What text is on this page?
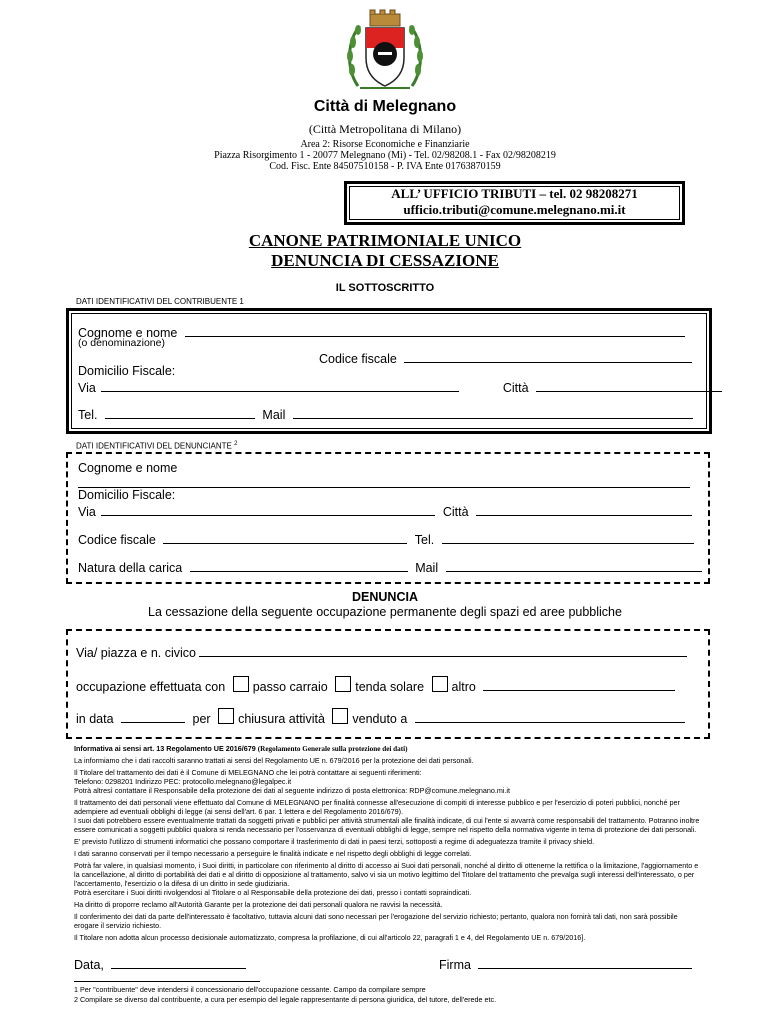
Città di Melegnano
(Città Metropolitana di Milano)
Area 2: Risorse Economiche e Finanziarie
Piazza Risorgimento 1 - 20077 Melegnano (Mi) - Tel. 02/98208.1 - Fax 02/98208219
Cod. Fisc. Ente 84507510158 - P. IVA Ente 01763870159
ALL’ UFFICIO TRIBUTI – tel. 02 98208271
ufficio.tributi@comune.melegnano.mi.it
CANONE PATRIMONIALE UNICO
DENUNCIA DI CESSAZIONE
IL SOTTOSCRITTO
DATI IDENTIFICATIVI DEL CONTRIBUENTE 1
Cognome e nome
(o denominazione)
Codice fiscale
Domicilio Fiscale:
Via	Città
Tel.	Mail
DATI IDENTIFICATIVI DEL DENUNCIANTE $^2$
Cognome e nome
Domicilio Fiscale:
Via	Città
Codice fiscale	Tel.
Natura della carica	Mail
DENUNCIA
La cessazione della seguente occupazione permanente degli spazi ed aree pubbliche
Via/ piazza e n. civico
occupazione effettuata con passo carraio tenda solare altro
in data	per chiusura attività venduto a
Informativa ai sensi art. 13 Regolamento UE 2016/679 (Regolamento Generale sulla protezione dei dati)
La informiamo che i dati raccolti saranno trattati ai sensi del Regolamento UE n. 679/2016 per la protezione dei dati personali.
Il Titolare del trattamento dei dati è il Comune di MELEGNANO che lei potrà contattare ai seguenti riferimenti:
Telefono: 0298201 Indirizzo PEC: protocollo.melegnano@legalpec.it
Potrà altresì contattare il Responsabile della protezione dei dati al seguente indirizzo di posta elettronica: RDP@comune.melegnano.mi.it
Il trattamento dei dati personali viene effettuato dal Comune di MELEGNANO per finalità connesse all'esecuzione di compiti di interesse pubblico e per l'esercizio di poteri pubblici, nonché per adempiere ad eventuali obblighi di legge (ai sensi dell'art. 6 par. 1 lettera e del Regolamento 2016/679).
I suoi dati potrebbero essere eventualmente trattati da soggetti privati e pubblici per attività strumentali alle finalità indicate, di cui l'ente si avvarrà come responsabili del trattamento. Potranno inoltre essere comunicati a soggetti pubblici qualora si renda necessario per l'osservanza di eventuali obblighi di legge, sempre nel rispetto della normativa vigente in tema di protezione dei dati personali.
E' previsto l'utilizzo di strumenti informatici che possano comportare il trasferimento di dati in paesi terzi, sottoposti a regime di adeguatezza tramite il privacy shield.
I dati saranno conservati per il tempo necessario a perseguire le finalità indicate e nel rispetto degli obblighi di legge correlati.
Potrà far valere, in qualsiasi momento, i Suoi diritti, in particolare con riferimento al diritto di accesso ai Suoi dati personali, nonché al diritto di ottenerne la rettifica o la limitazione, l'aggiornamento e la cancellazione, al diritto di portabilità dei dati e al diritto di opposizione al trattamento, salvo vi sia un motivo legittimo del Titolare del trattamento che prevalga sugli interessi dell'interessato, o per l'accertamento, l'esercizio o la difesa di un diritto in sede giudiziaria.
Potrà esercitare i Suoi diritti rivolgendosi al Titolare o al Responsabile della protezione dei dati, presso i contatti sopraindicati.
Ha diritto di proporre reclamo all'Autorità Garante per la protezione dei dati personali qualora ne ravvisi la necessità.
Il conferimento dei dati da parte dell'interessato è facoltativo, tuttavia alcuni dati sono necessari per l'erogazione del servizio richiesto; pertanto, qualora non fornirà tali dati, non sarà possibile erogare il servizio richiesto.
Il Titolare non adotta alcun processo decisionale automatizzato, compresa la profilazione, di cui all'articolo 22, paragrafi 1 e 4, del Regolamento UE n. 679/2016].
Data,	Firma
1 Per "contribuente" deve intendersi il concessionario dell'occupazione cessante. Campo da compilare sempre
2 Compilare se diverso dal contribuente, a cura per esempio del legale rappresentante di persona giuridica, del tutore, dell'erede etc.
